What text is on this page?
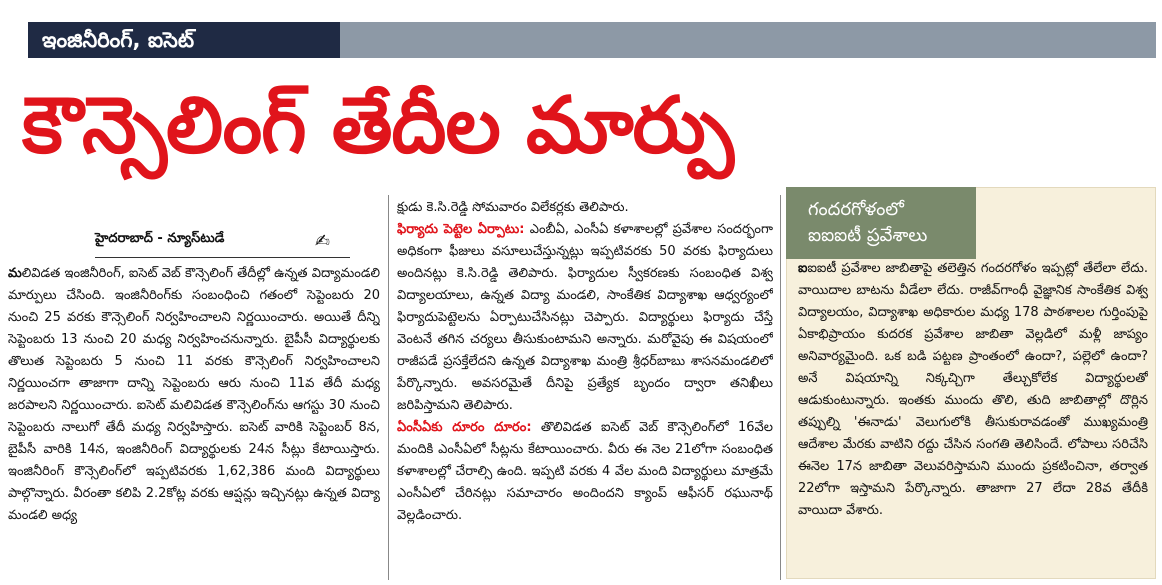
ఇంజినీరింగ్, ఐసెట్
కౌన్సెలింగ్ తేదీల మార్పు
హైదరాబాద్ - న్యూస్‌టుడే	✍

మలివిడత ఇంజినీరింగ్, ఐసెట్ వెబ్ కౌన్సెలింగ్ తేదీల్లో ఉన్నత విద్యామండలి మార్పులు చేసింది. ఇంజినీరింగ్‌కు సంబంధించి గతంలో సెప్టెంబరు 20 నుంచి 25 వరకు కౌన్సెలింగ్ నిర్వహించాలని నిర్ణయించారు. అయితే దీన్ని సెప్టెంబరు 13 నుంచి 20 మధ్య నిర్వహించనున్నారు. బైపీసీ విద్యార్థులకు తొలుత సెప్టెంబరు 5 నుంచి 11 వరకు కౌన్సెలింగ్ నిర్వహించాలని నిర్ణయించగా తాజాగా దాన్ని సెప్టెంబరు ఆరు నుంచి 11వ తేదీ మధ్య జరపాలని నిర్ణయించారు. ఐసెట్ మలివిడత కౌన్సెలింగ్‌ను ఆగస్టు 30 నుంచి సెప్టెంబరు నాలుగో తేదీ మధ్య నిర్వహిస్తారు. ఐసెట్ వారికి సెప్టెంబర్ 8న, బైపీసీ వారికి 14న, ఇంజినీరింగ్ విద్యార్థులకు 24న సీట్లు కేటాయిస్తారు. ఇంజినీరింగ్ కౌన్సెలింగ్‌లో ఇప్పటివరకు 1,62,386 మంది విద్యార్థులు పాల్గొన్నారు. వీరంతా కలిపి 2.2కోట్ల వరకు ఆప్షన్లు ఇచ్చినట్లు ఉన్నత విద్యా మండలి అధ్య

క్షుడు కె.సి.రెడ్డి సోమవారం విలేకర్లకు తెలిపారు.

ఫిర్యాదు పెట్టెల ఏర్పాటు: ఎంబీఏ, ఎంసీఏ కళాశాలల్లో ప్రవేశాల సందర్భంగా అధికంగా ఫీజులు వసూలుచేస్తున్నట్లు ఇప్పటివరకు 50 వరకు ఫిర్యాదులు అందినట్లు కె.సి.రెడ్డి తెలిపారు. ఫిర్యాదుల స్వీకరణకు సంబంధిత విశ్వ విద్యాలయాలు, ఉన్నత విద్యా మండలి, సాంకేతిక విద్యాశాఖ ఆధ్వర్యంలో ఫిర్యాదుపెట్టెలను ఏర్పాటుచేసినట్లు చెప్పారు. విద్యార్థులు ఫిర్యాదు చేస్తే వెంటనే తగిన చర్యలు తీసుకుంటామని అన్నారు. మరోవైపు ఈ విషయంలో రాజీపడే ప్రసక్తేలేదని ఉన్నత విద్యాశాఖ మంత్రి శ్రీధర్‌బాబు శాసనమండలిలో పేర్కొన్నారు. అవసరమైతే దీనిపై ప్రత్యేక బృందం ద్వారా తనిఖీలు జరిపిస్తామని తెలిపారు.

ఏంసీఏకు దూరం దూరం: తొలివిడత ఐసెట్ వెబ్ కౌన్సెలింగ్‌లో 16వేల మందికి ఎంసీఏలో సీట్లను కేటాయించారు. వీరు ఈ నెల 21లోగా సంబంధిత కళాశాలల్లో చేరాల్సి ఉంది. ఇప్పటి వరకు 4 వేల మంది విద్యార్థులు మాత్రమే ఎంసీఏలో చేరినట్లు సమాచారం అందిందని క్యాంప్ ఆఫీసర్ రఘునాథ్ వెల్లడించారు.

గందరగోళంలో
ఐఐఐటీ ప్రవేశాలు

ఐఐఐటీ ప్రవేశాల జాబితాపై తలెత్తిన గందరగోళం ఇప్పట్లో తేలేలా లేదు. వాయిదాల బాటను వీడేలా లేదు. రాజీవ్‌గాంధీ వైజ్ఞానిక సాంకేతిక విశ్వ విద్యాలయం, విద్యాశాఖ అధికారుల మధ్య 178 పాఠశాలల గుర్తింపుపై ఏకాభిప్రాయం కుదరక ప్రవేశాల జాబితా వెల్లడిలో మళ్లీ జాప్యం అనివార్యమైంది. ఒక బడి పట్టణ ప్రాంతంలో ఉందా?, పల్లెలో ఉందా? అనే విషయాన్ని నిక్కచ్చిగా తేల్చుకోలేక విద్యార్థులతో ఆడుకుంటున్నారు. ఇంతకు ముందు తొలి, తుది జాబితాల్లో దొర్లిన తప్పుల్ని 'ఈనాడు' వెలుగులోకి తీసుకురావడంతో ముఖ్యమంత్రి ఆదేశాల మేరకు వాటిని రద్దు చేసిన సంగతి తెలిసిందే. లోపాలు సరిచేసి ఈనెల 17న జాబితా వెలువరిస్తామని ముందు ప్రకటించినా, తర్వాత 22లోగా ఇస్తామని పేర్కొన్నారు. తాజాగా 27 లేదా 28వ తేదీకి వాయిదా వేశారు.
